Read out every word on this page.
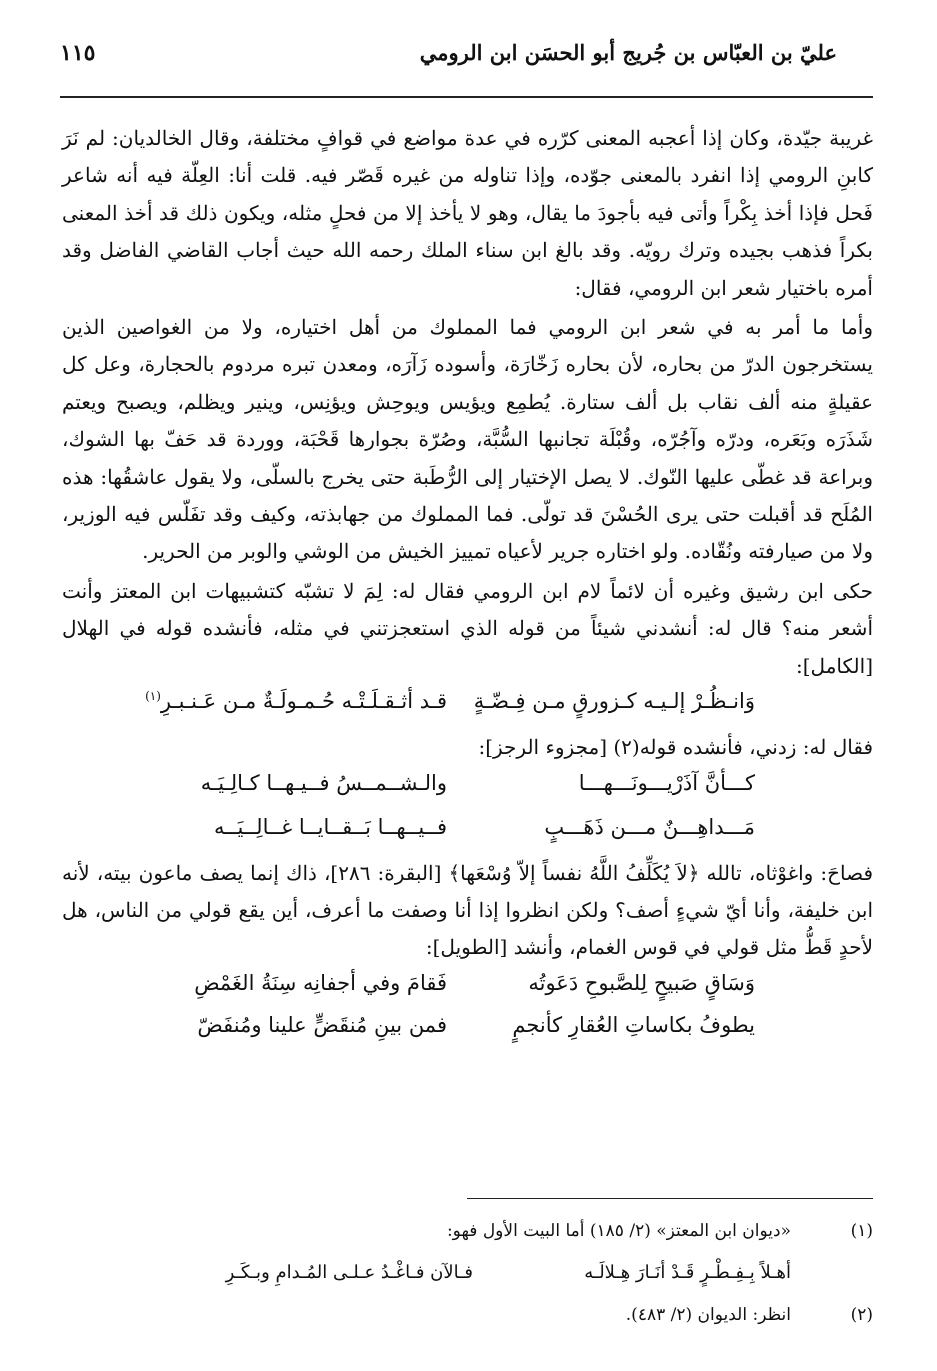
عليّ بن العبّاس بن جُريج أبو الحسَن ابن الرومي
١١٥

غريبة جيّدة، وكان إذا أعجبه المعنى كرّره في عدة مواضع في قوافٍ مختلفة، وقال الخالديان: لم نَرَ كابنِ الرومي إذا انفرد بالمعنى جوّده، وإذا تناوله من غيره قَصّر فيه. قلت أنا: العِلّة فيه أنه شاعر فَحل فإذا أخذ بِكْراً وأتى فيه بأجودَ ما يقال، وهو لا يأخذ إلا من فحلٍ مثله، ويكون ذلك قد أخذ المعنى بكراً فذهب بجيده وترك رويّه. وقد بالغ ابن سناء الملك رحمه الله حيث أجاب القاضي الفاضل وقد أمره باختيار شعر ابن الرومي، فقال:

وأما ما أمر به في شعر ابن الرومي فما المملوك من أهل اختياره، ولا من الغواصين الذين يستخرجون الدرّ من بحاره، لأن بحاره زَخّارَة، وأسوده زَآرَه، ومعدن تبره مردوم بالحجارة، وعل كل عقيلةٍ منه ألف نقاب بل ألف ستارة. يُطمِع ويؤيس ويوحِش ويؤنِس، وينير ويظلم، ويصبح ويعتم شَذَرَه وبَعَره، ودرّه وآجُرّه، وقُبْلَة تجانبها السُّبَّة، وصُرّة بجوارها قَحْبَة، ووردة قد حَفّ بها الشوك، وبراعة قد غطّى عليها النّوك. لا يصل الإختيار إلى الرُّطَبة حتى يخرج بالسلّى، ولا يقول عاشقُها: هذه المُلَح قد أقبلت حتى يرى الحُسْنَ قد تولّى. فما المملوك من جهابذته، وكيف وقد تفَلّس فيه الوزير، ولا من صيارفته ونُقّاده. ولو اختاره جرير لأعياه تمييز الخيش من الوشي والوبر من الحرير.

حكى ابن رشيق وغيره أن لائماً لام ابن الرومي فقال له: لِمَ لا تشبّه كتشبيهات ابن المعتز وأنت أشعر منه؟ قال له: أنشدني شيئاً من قوله الذي استعجزتني في مثله، فأنشده قوله في الهلال [الكامل]:

وَانـظُـرْ إلـيـه كـزورقٍ مـن فِـضّـةٍ
قـد أثـقـلَـتْـه حُـمـولَـةٌ مـن عَـنـبـرِ$^{(١)}$

فقال له: زدني، فأنشده قوله(٢) [مجزوء الرجز]:

كـــأنَّ آذَرْيـــونَـــهـــا
والـشــمــسُ فــيـهــا كـالِـيَـه
مَـــداهِـــنٌ مـــن ذَهَـــبٍ
فــيــهــا بَــقــايــا غــالِــيَــه

فصاحَ: واغوْثاه، تالله ﴿لاَ يُكَلِّفُ اللَّهُ نفساً إلاّ وُسْعَها﴾ [البقرة: ٢٨٦]، ذاك إنما يصف ماعون بيته، لأنه ابن خليفة، وأنا أيّ شيءٍ أصف؟ ولكن انظروا إذا أنا وصفت ما أعرف، أين يقع قولي من الناس، هل لأحدٍ قَطُّ مثل قولي في قوس الغمام، وأنشد [الطويل]:

وَسَاقٍ صَبيحٍ لِلصَّبوحِ دَعَوتُه
فَقامَ وفي أجفانِه سِنَةُ الغَمْضِ
يطوفُ بكاساتِ العُقارِ كأنجمٍ
فمن بينِ مُنقَضٍّ علينا ومُنفَضّ
(١)
«ديوان ابن المعتز» (٢/ ١٨٥) أما البيت الأول فهو:
أهـلاً بِـفِـطْـرٍ قَـدْ أنَـارَ هِـلالَـه
فـالآن فـاغْـدُ عـلـى المُـدامِ وبـكَـرِ
(٢)
انظر: الديوان (٢/ ٤٨٣).
